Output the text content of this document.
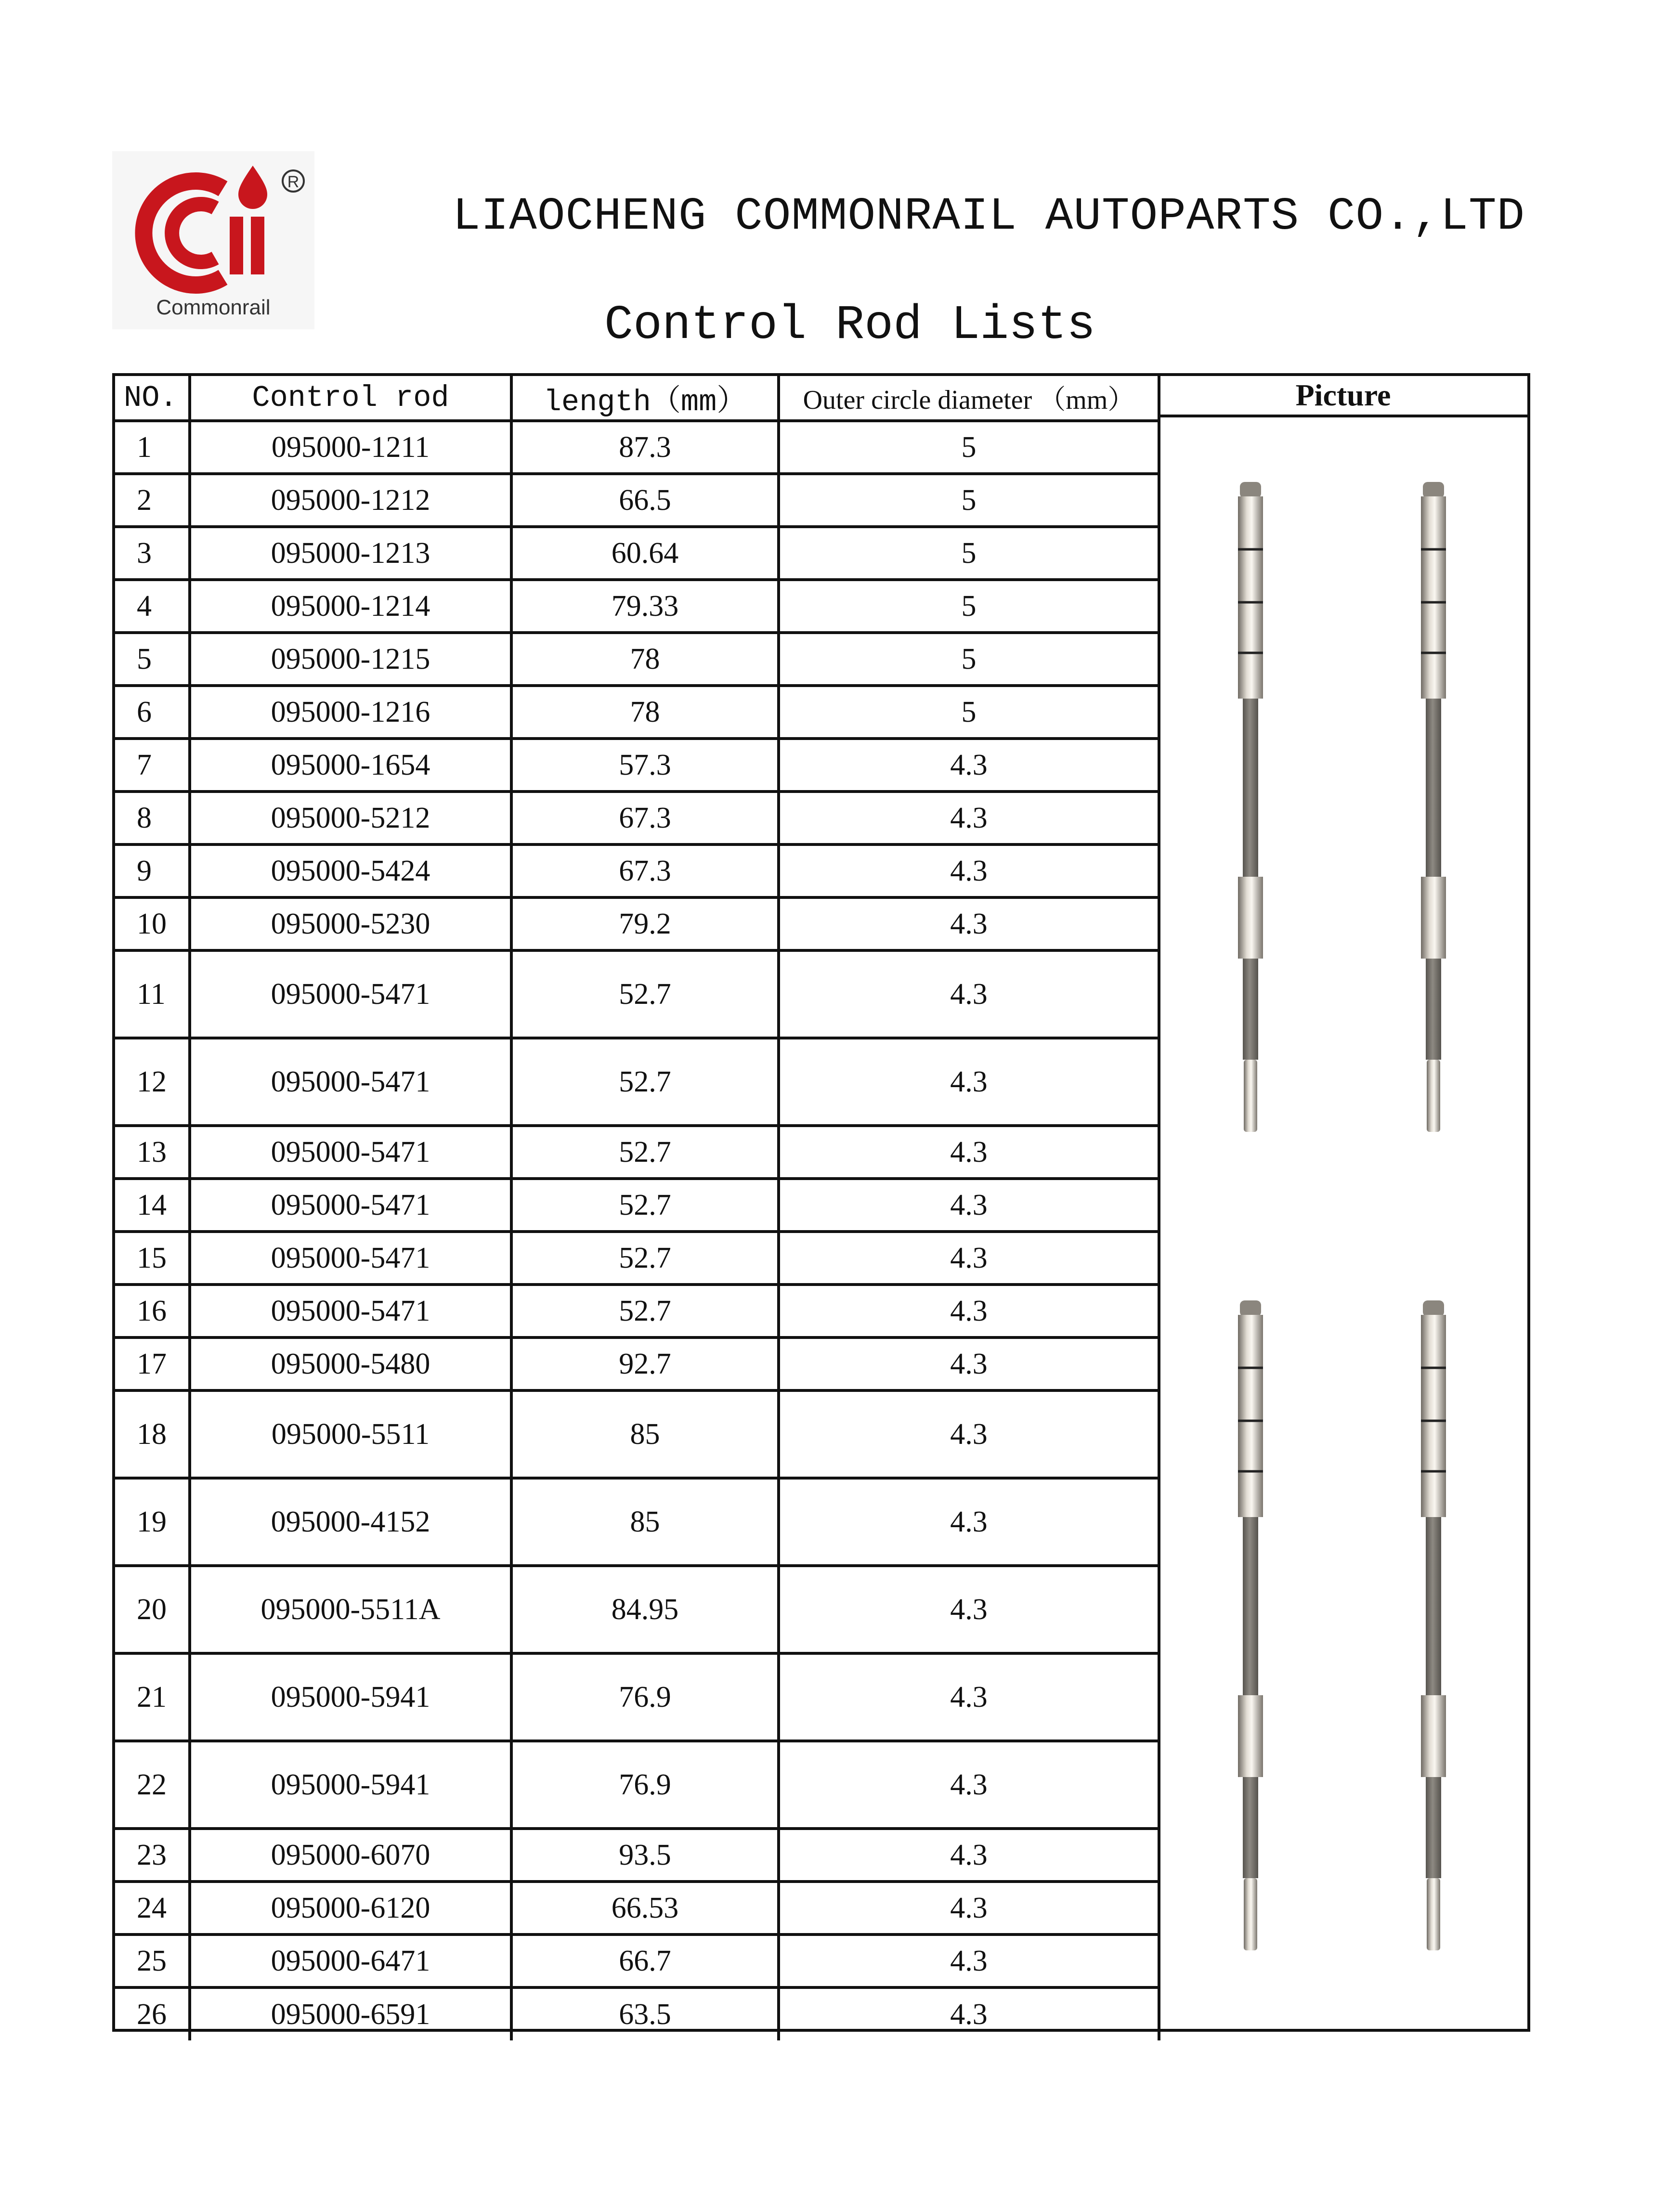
R
Commonrail
LIAOCHENG COMMONRAIL AUTOPARTS CO.,LTD
Control Rod Lists
NO.	Control rod	length（mm）	Outer circle diameter （mm）
1	095000-1211	87.3	5
2	095000-1212	66.5	5
3	095000-1213	60.64	5
4	095000-1214	79.33	5
5	095000-1215	78	5
6	095000-1216	78	5
7	095000-1654	57.3	4.3
8	095000-5212	67.3	4.3
9	095000-5424	67.3	4.3
10	095000-5230	79.2	4.3
11	095000-5471	52.7	4.3
12	095000-5471	52.7	4.3
13	095000-5471	52.7	4.3
14	095000-5471	52.7	4.3
15	095000-5471	52.7	4.3
16	095000-5471	52.7	4.3
17	095000-5480	92.7	4.3
18	095000-5511	85	4.3
19	095000-4152	85	4.3
20	095000-5511A	84.95	4.3
21	095000-5941	76.9	4.3
22	095000-5941	76.9	4.3
23	095000-6070	93.5	4.3
24	095000-6120	66.53	4.3
25	095000-6471	66.7	4.3
26	095000-6591	63.5	4.3
Picture
